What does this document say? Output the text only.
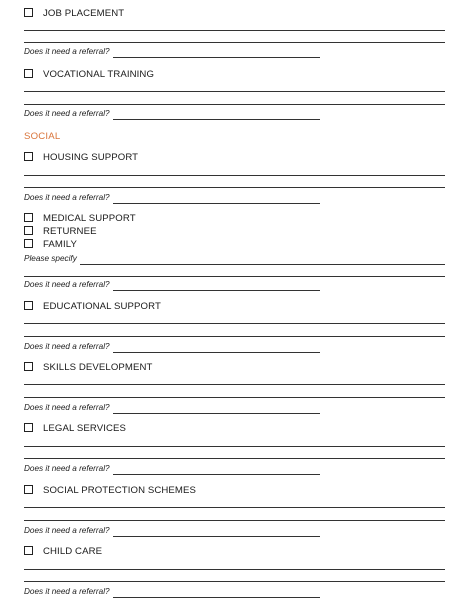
JOB PLACEMENT
Does it need a referral?
VOCATIONAL TRAINING
Does it need a referral?
SOCIAL
HOUSING SUPPORT
Does it need a referral?
MEDICAL SUPPORT
RETURNEE
FAMILY
Please specify
Does it need a referral?
EDUCATIONAL SUPPORT
Does it need a referral?
SKILLS DEVELOPMENT
Does it need a referral?
LEGAL SERVICES
Does it need a referral?
SOCIAL PROTECTION SCHEMES
Does it need a referral?
CHILD CARE
Does it need a referral?
